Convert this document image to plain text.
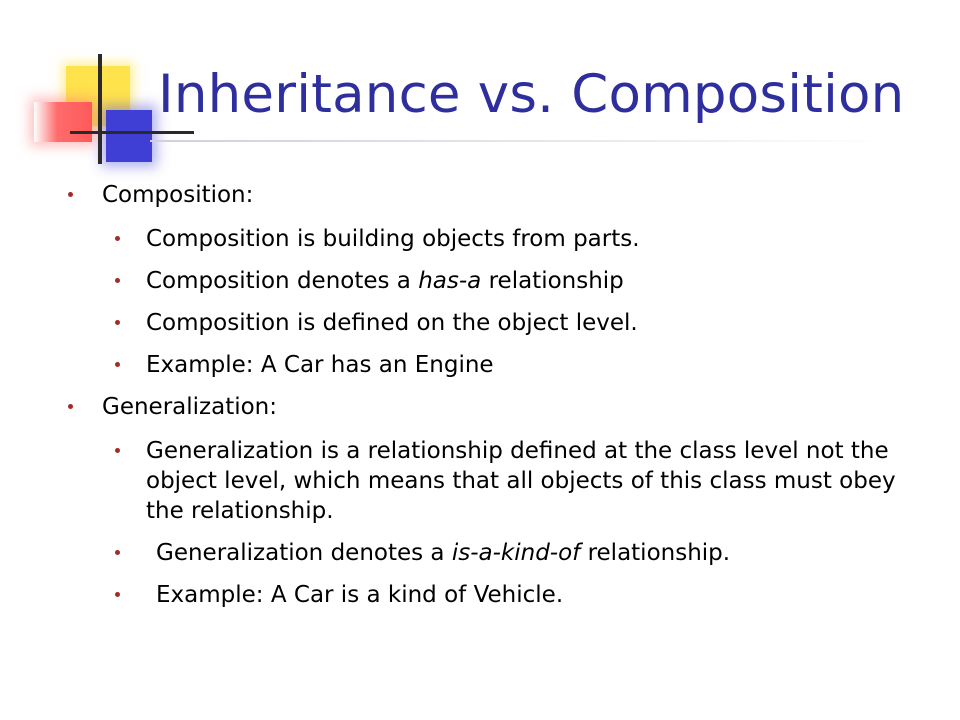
Inheritance vs. Composition
Composition:
Composition is building objects from parts.
Composition denotes a has-a relationship
Composition is defined on the object level.
Example: A Car has an Engine
Generalization:
Generalization is a relationship defined at the class level not the object level, which means that all objects of this class must obey the relationship.
Generalization denotes a is-a-kind-of relationship.
Example: A Car is a kind of Vehicle.
